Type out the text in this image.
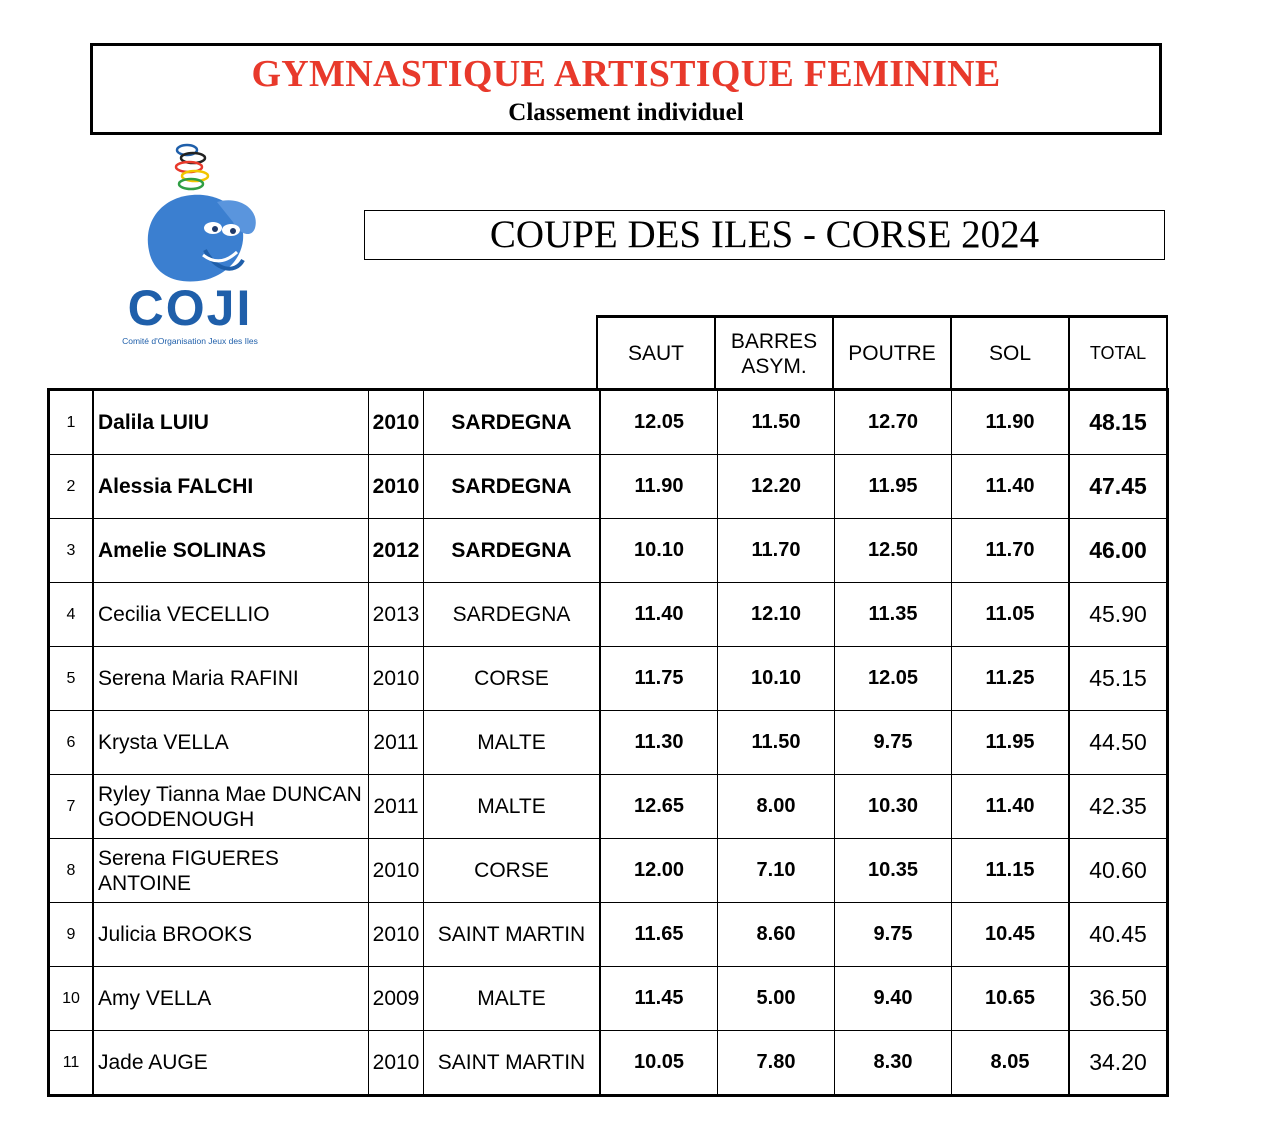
GYMNASTIQUE ARTISTIQUE FEMININE
Classement individuel
COJI
Comité d'Organisation Jeux des Iles
COUPE DES ILES - CORSE 2024
SAUT	BARRES ASYM.	POUTRE	SOL	TOTAL
1	Dalila LUIU	2010	SARDEGNA	12.05	11.50	12.70	11.90	48.15
2	Alessia FALCHI	2010	SARDEGNA	11.90	12.20	11.95	11.40	47.45
3	Amelie SOLINAS	2012	SARDEGNA	10.10	11.70	12.50	11.70	46.00
4	Cecilia VECELLIO	2013	SARDEGNA	11.40	12.10	11.35	11.05	45.90
5	Serena Maria RAFINI	2010	CORSE	11.75	10.10	12.05	11.25	45.15
6	Krysta VELLA	2011	MALTE	11.30	11.50	9.75	11.95	44.50
7	Ryley Tianna Mae DUNCAN GOODENOUGH	2011	MALTE	12.65	8.00	10.30	11.40	42.35
8	Serena FIGUERES ANTOINE	2010	CORSE	12.00	7.10	10.35	11.15	40.60
9	Julicia BROOKS	2010	SAINT MARTIN	11.65	8.60	9.75	10.45	40.45
10	Amy VELLA	2009	MALTE	11.45	5.00	9.40	10.65	36.50
11	Jade AUGE	2010	SAINT MARTIN	10.05	7.80	8.30	8.05	34.20
